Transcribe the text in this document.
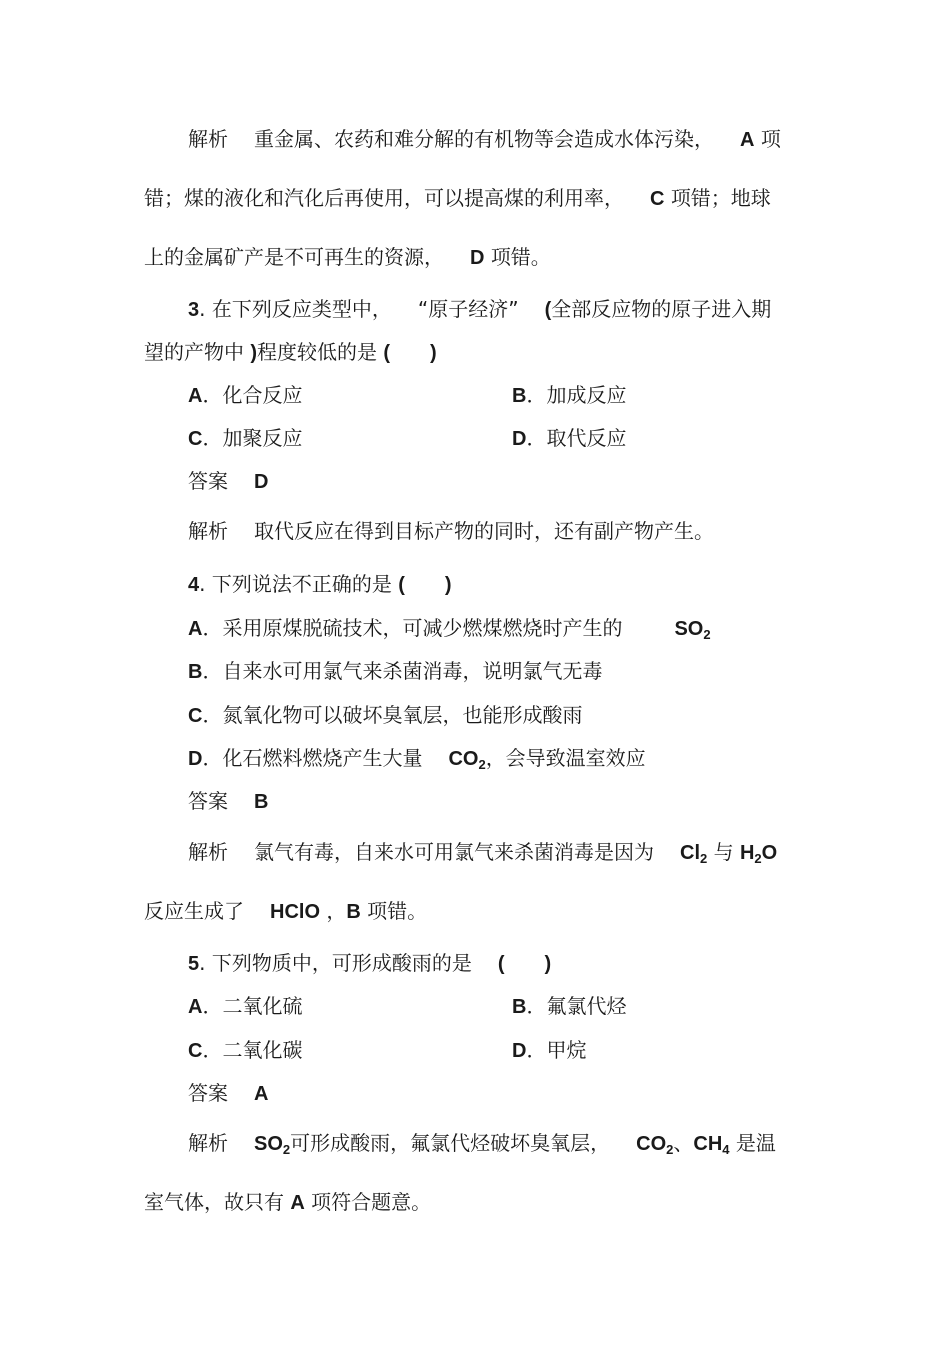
解析 重金属、农药和难分解的有机物等会造成水体污染， A 项
错；煤的液化和汽化后再使用，可以提高煤的利用率， C 项错；地球
上的金属矿产是不可再生的资源， D 项错。
3. 在下列反应类型中， “原子经济” (全部反应物的原子进入期
望的产物中 )程度较低的是 (　　)
A．化合反应	B．加成反应
C．加聚反应	D．取代反应
答案 D
解析 取代反应在得到目标产物的同时，还有副产物产生。
4. 下列说法不正确的是 (　　)
A．采用原煤脱硫技术，可减少燃煤燃烧时产生的	$SO_2$
B．自来水可用氯气来杀菌消毒，说明氯气无毒
C．氮氧化物可以破坏臭氧层，也能形成酸雨
D．化石燃料燃烧产生大量 $CO_2$，会导致温室效应
答案 B
解析 氯气有毒，自来水可用氯气来杀菌消毒是因为 $Cl_2$ 与 $H_2O$
反应生成了 HClO ，B 项错。
5. 下列物质中，可形成酸雨的是 (　　)
A．二氧化硫	B．氟氯代烃
C．二氧化碳	D．甲烷
答案 A
解析 $SO_2$可形成酸雨，氟氯代烃破坏臭氧层， $CO_2$、$CH_4$ 是温
室气体，故只有 A 项符合题意。
